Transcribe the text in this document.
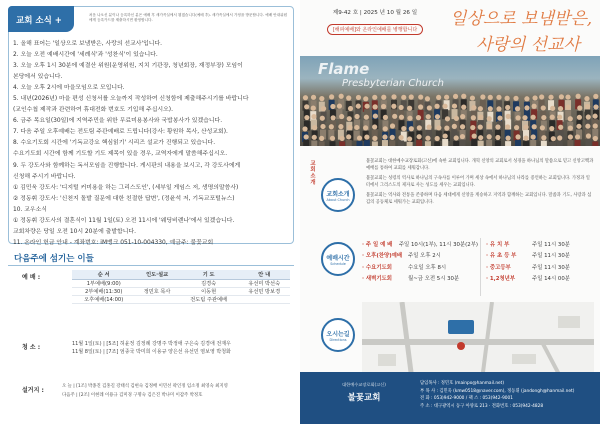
교회 소식 +
처음 나오신 분이나 등록하신 분은 예배 후 새가족실에서 뵙겠습니다(예배 후). 새가족실에서 가정을 방문합니다. 예배 안내위원에게 등록카드를 제출하시면 환영합니다.
1. 올해 표어는 '일상으로 보냄받은, 사랑의 선교사'입니다.
2. 오늘 오전 예배시간에 '세례식'과 '성찬식'이 있습니다.
3. 오늘 오후 1시 30분에 예결산 위원(운영위원, 지치 기관장, 청년회장, 재정부장) 모임이
본당에서 있습니다.
4. 오늘 오후 2시에 마을모임으로 모입니다.
5. 내년(2026년) 마을 편성 신청서를 오늘까지 작성하여 신청함에 제출해주시기를 바랍니다
(교인수첩 제작과 관련하여 휴대전화 번호도 기입해 주십시오).
6. 금주 목요일(30일)에 지역주민을 위한 무료미용봉사와 국밥봉사가 있겠습니다.
7. 다음 주일 오후예배는 전도팀 주관예배로 드립니다(강사: 황원하 목사, 산성교회).
8. 수요기도회 시간에 '기독교강요 핵심읽기' 시리즈 설교가 진행되고 있습니다.
수요기도회 시간에 함께 기도할 기도 제목이 있을 경우, 교역자에게 말씀해주십시오.
9. 두 강도사와 함께하는 독서모임을 진행합니다. 게시판의 내용을 보시고, 각 강도사에게
신청해 주시기 바랍니다.
① 김민욱 강도사: '디지털 커미용을 하는 그리스도인', (세부일 게임스 저, 생명의말씀사)
② 정동휘 강도사: '신천지 돌발 질문에 대한 친절한 답변', (정윤석 저, 기독교포털뉴스)
10. 교우소식
① 정동휘 강도사의 결혼식이 11월 1일(토) 오전 11시에 '웨딩비렌나'에서 있겠습니다.
교회차량은 당일 오전 10시 20분에 출발합니다.
11. 온라인 헌금 안내 - 계좌번호: iM뱅크 051-10-004330, 예금주: 불꽃교회
다음주에 섬기는 이들
예 배 :	순 서	인도·설교	기 도	안 내
1부예배(9:00)		김경숙	유선미 박선숙
2부예배(11:30)	정민호 목사	이동현	유선민 방보경
오후예배(14:00)		전도팀 주관예배	
청 소 :	11월 1일(토) | [5조] 허윤정 김정례 강명주 박정애 구은숙 김경애 전재우
11월 8일(토) | [7조] 엄종국 박미희 이용규 양은선 유선민 염보영 박청화
설거지 :
오 늘 | [1조] 박종진 김홍길 강태석 김현숙 김정배 이민선 곽인정 임소정 최영숙 최지영
다음주 | [2조] 이현례 이용규 김미경 구명숙 김은진 박나미 이갑주 박정호
제9-42 호 | 2025 년 10 월 26 일
[해피예배]와 온라인예배를 병행합니다
일상으로 보냄받은,
사랑의 선교사
Flame
Presbyterian Church
교회소개
교회소개
About Church

불꽃교회는 대한예수교장로회(고신)에 속한 교회입니다. 개혁 신앙의 교회로서 성경을 하나님의 말씀으로 믿고 신앙고백과 예배를 통하여 교회를 세워갑니다.

불꽃교회는 성령의 역사로 하나님의 구속사를 이루어 가며 세상 속에서 하나님의 나라를 증언하는 교회입니다. 가정과 일터에서 그리스도의 제자로 사는 성도를 세우는 교회입니다.

불꽃교회는 역사와 전통을 존중하며 다음 세대에게 신앙을 계승하고 지역과 함께하는 교회입니다. 말씀과 기도, 사랑과 섬김의 공동체로 세워가는 교회입니다.

예배시간
Schedule
· 주 일 예 배	주일 10시(1부), 11시 30분(2부)
· 오후(찬양)예배	주일 오후 2시
· 수요기도회	수요일 오후 8시
· 새벽기도회	월~금 오전 5시 30분
· 유 치 부	주일 11시 30분
· 유 초 등 부	주일 11시 30분
· 중고등부	주일 11시 30분
· 1,2청년부	주일 14시 00분
오시는길
Directions
대한예수교장로회(고신)
불꽃교회
담임목사 : 정민호 (mainpo@hanmail.net)
부 목 사 : 김민욱 (kmw0518@naver.com), 정동휘 (jandongh@hanmail.net)
전 화 : 053)942-9000 / 팩 스 : 053)942-9001
주 소 : 대구광역시 동구 아양로 213 · 전화번호 : 053)942-4828
